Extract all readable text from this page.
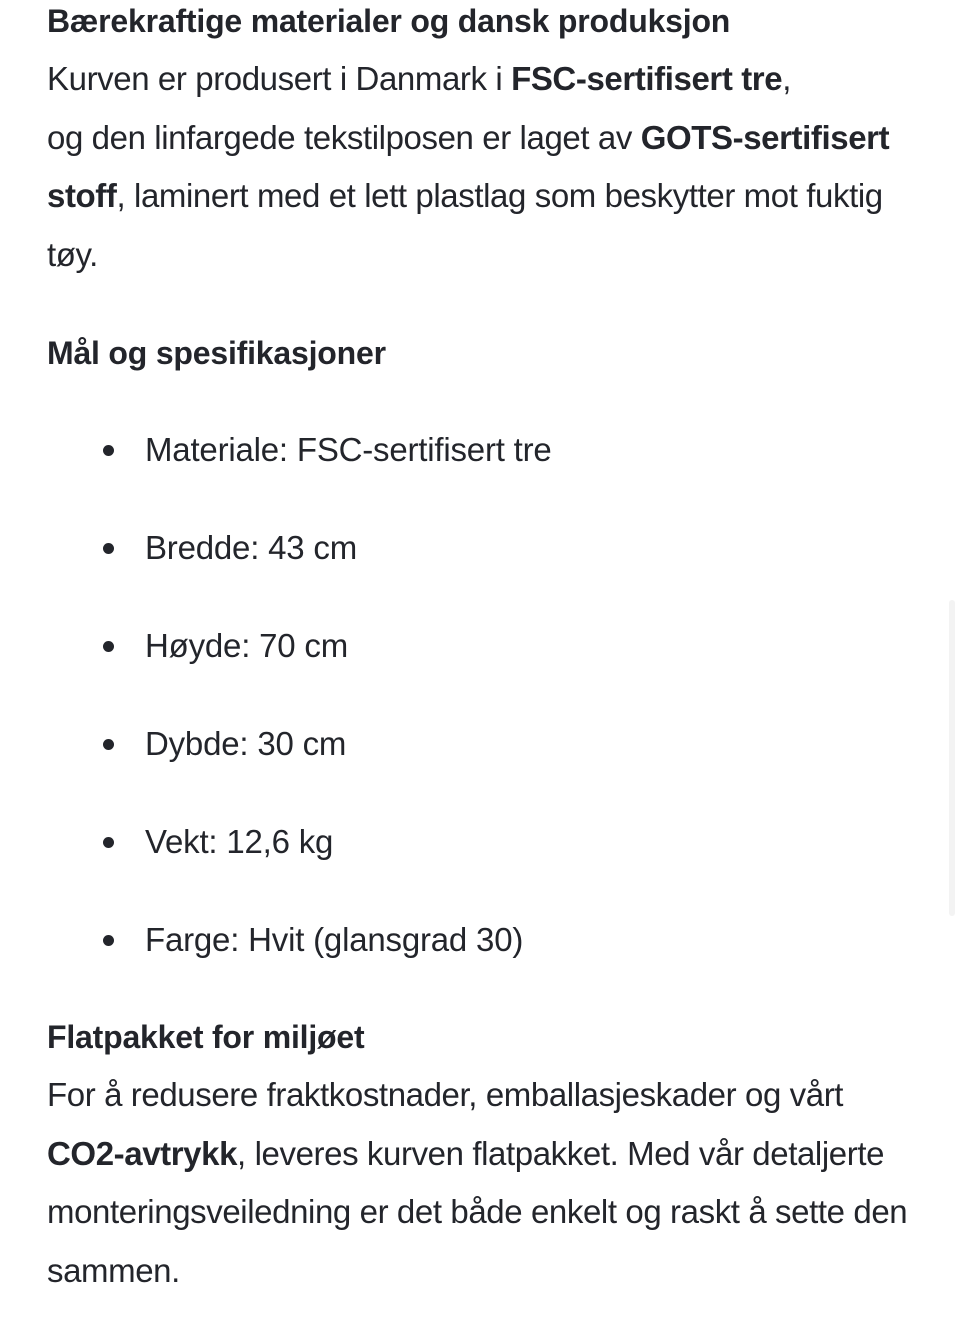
Bærekraftige materialer og dansk produksjon

Kurven er produsert i Danmark i FSC-sertifisert tre,
og den linfargede tekstilposen er laget av GOTS-sertifisert stoff, laminert med et lett plastlag som beskytter mot fuktig tøy.

Mål og spesifikasjoner
Materiale: FSC-sertifisert tre
Bredde: 43 cm
Høyde: 70 cm
Dybde: 30 cm
Vekt: 12,6 kg
Farge: Hvit (glansgrad 30)
Flatpakket for miljøet

For å redusere fraktkostnader, emballasjeskader og vårt CO2-avtrykk, leveres kurven flatpakket. Med vår detaljerte monteringsveiledning er det både enkelt og raskt å sette den sammen.
